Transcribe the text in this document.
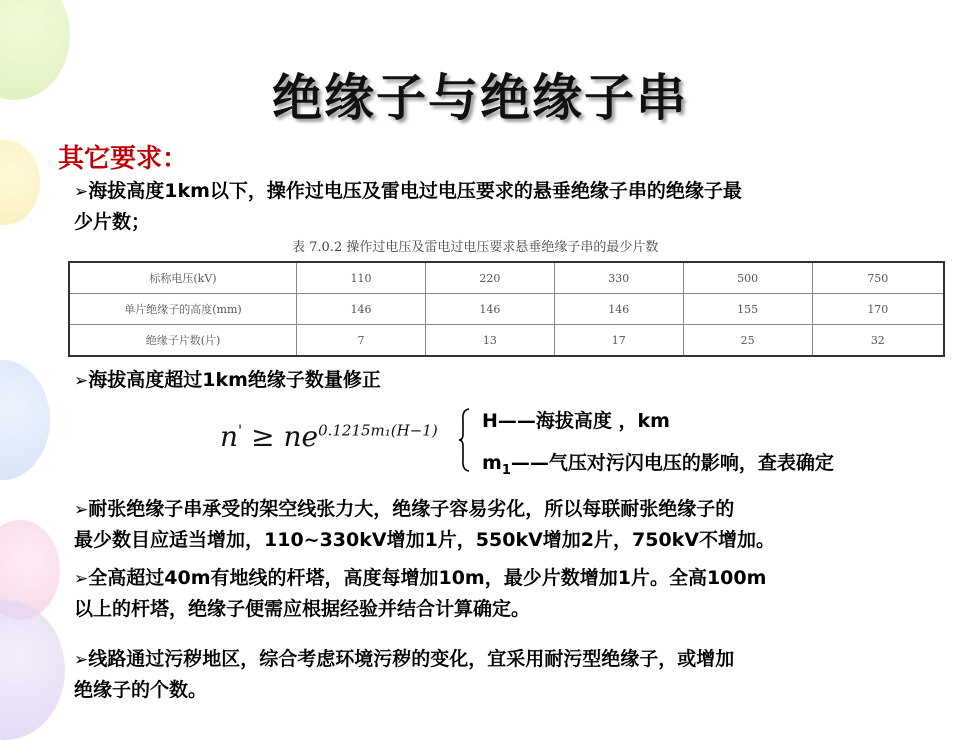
绝缘子与绝缘子串
其它要求：
➢海拔高度1km以下，操作过电压及雷电过电压要求的悬垂绝缘子串的绝缘子最
少片数；
表 7.0.2 操作过电压及雷电过电压要求悬垂绝缘子串的最少片数
标称电压(kV)	110	220	330	500	750
单片绝缘子的高度(mm)	146	146	146	155	170
绝缘子片数(片)	7	13	17	25	32
➢海拔高度超过1km绝缘子数量修正
$n' \ge ne^{0.1215m_1(H-1)}$ H——海拔高度 ，km
$m_1——$气压对污闪电压的影响，查表确定
➢耐张绝缘子串承受的架空线张力大，绝缘子容易劣化，所以每联耐张绝缘子的
最少数目应适当增加，110~330kV增加1片，550kV增加2片，750kV不增加。
➢全高超过40m有地线的杆塔，高度每增加10m，最少片数增加1片。全高100m
以上的杆塔，绝缘子便需应根据经验并结合计算确定。
➢线路通过污秽地区，综合考虑环境污秽的变化，宜采用耐污型绝缘子，或增加
绝缘子的个数。
